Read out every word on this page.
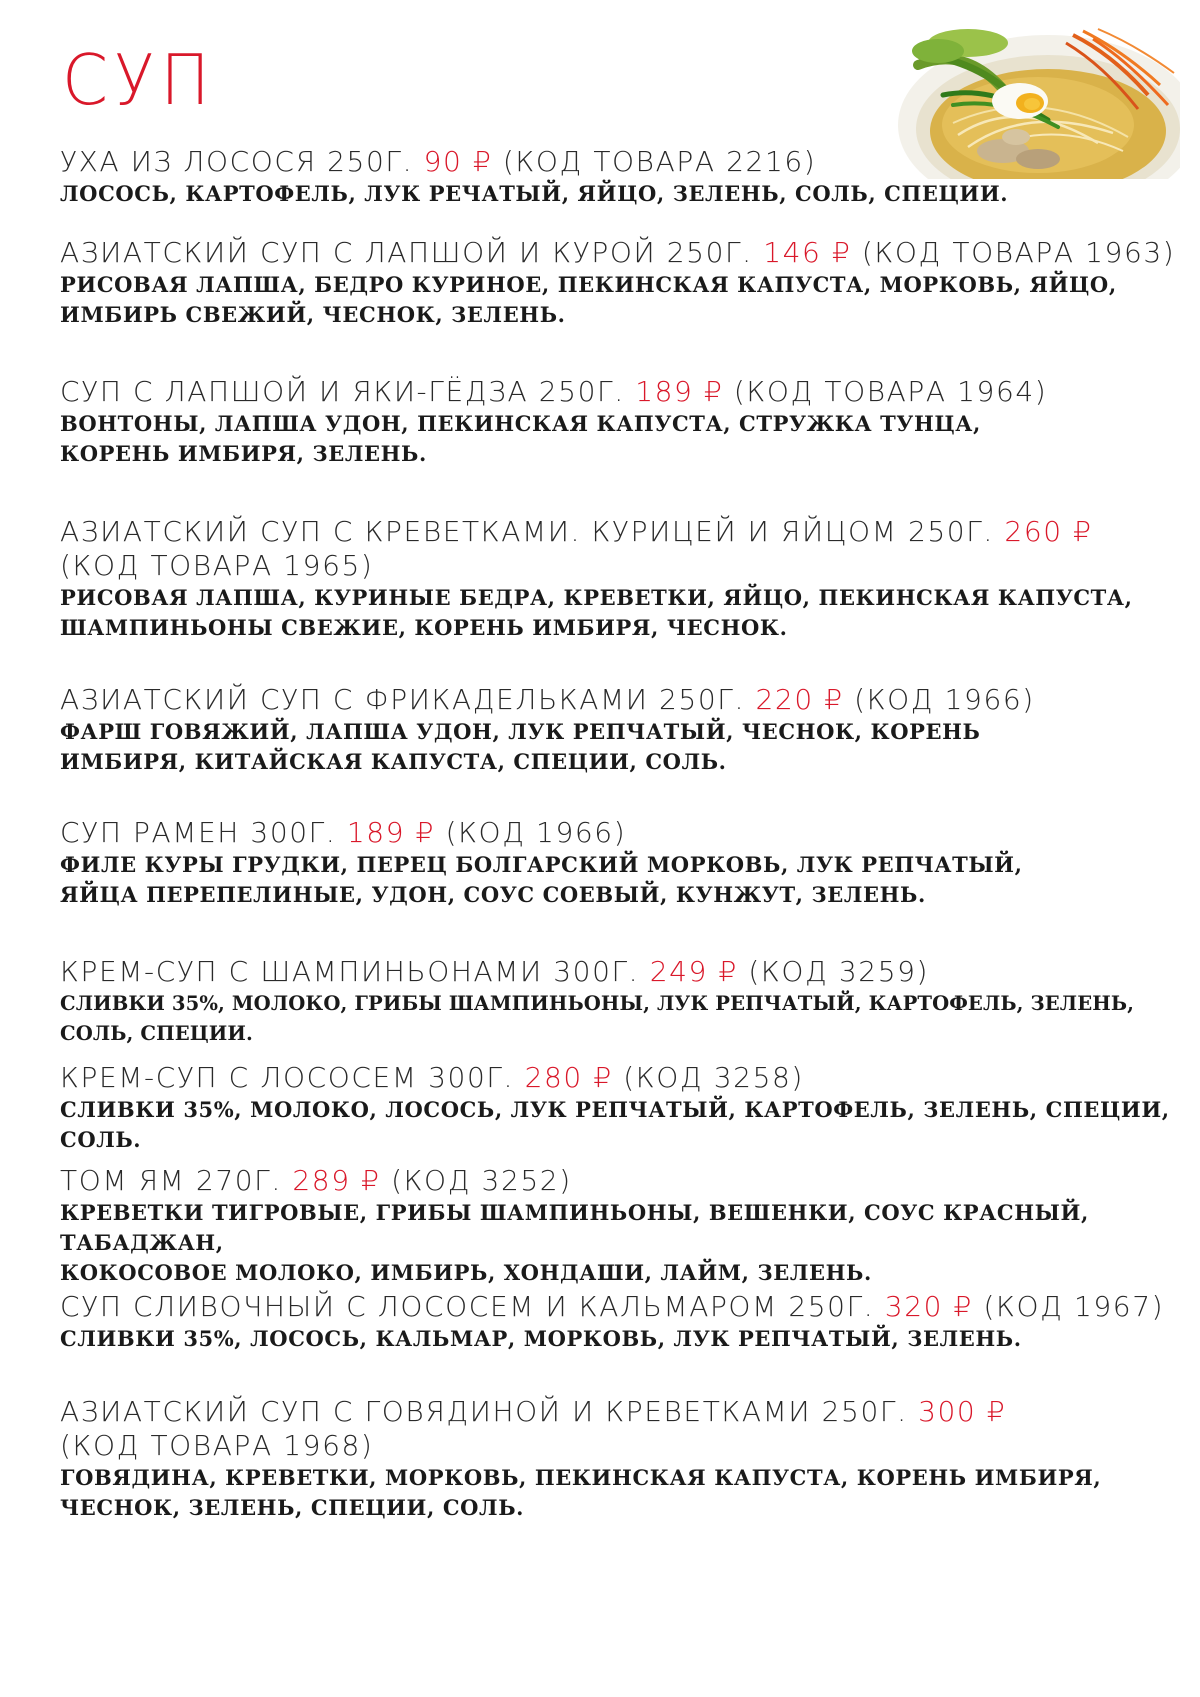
СУП
УХА ИЗ ЛОСОСЯ 250Г. 90 ₽ (КОД ТОВАРА 2216)
ЛОСОСЬ, КАРТОФЕЛЬ, ЛУК РЕЧАТЫЙ, ЯЙЦО, ЗЕЛЕНЬ, СОЛЬ, СПЕЦИИ.
АЗИАТСКИЙ СУП С ЛАПШОЙ И КУРОЙ 250Г. 146 ₽ (КОД ТОВАРА 1963)
РИСОВАЯ ЛАПША, БЕДРО КУРИНОЕ, ПЕКИНСКАЯ КАПУСТА, МОРКОВЬ, ЯЙЦО,
ИМБИРЬ СВЕЖИЙ, ЧЕСНОК, ЗЕЛЕНЬ.
СУП С ЛАПШОЙ И ЯКИ-ГЁДЗА 250Г. 189 ₽ (КОД ТОВАРА 1964)
ВОНТОНЫ, ЛАПША УДОН, ПЕКИНСКАЯ КАПУСТА, СТРУЖКА ТУНЦА,
КОРЕНЬ ИМБИРЯ, ЗЕЛЕНЬ.
АЗИАТСКИЙ СУП С КРЕВЕТКАМИ. КУРИЦЕЙ И ЯЙЦОМ 250Г. 260 ₽
(КОД ТОВАРА 1965)
РИСОВАЯ ЛАПША, КУРИНЫЕ БЕДРА, КРЕВЕТКИ, ЯЙЦО, ПЕКИНСКАЯ КАПУСТА,
ШАМПИНЬОНЫ СВЕЖИЕ, КОРЕНЬ ИМБИРЯ, ЧЕСНОК.
АЗИАТСКИЙ СУП С ФРИКАДЕЛЬКАМИ 250Г. 220 ₽ (КОД 1966)
ФАРШ ГОВЯЖИЙ, ЛАПША УДОН, ЛУК РЕПЧАТЫЙ, ЧЕСНОК, КОРЕНЬ
ИМБИРЯ, КИТАЙСКАЯ КАПУСТА, СПЕЦИИ, СОЛЬ.
СУП РАМЕН 300Г. 189 ₽ (КОД 1966)
ФИЛЕ КУРЫ ГРУДКИ, ПЕРЕЦ БОЛГАРСКИЙ МОРКОВЬ, ЛУК РЕПЧАТЫЙ,
ЯЙЦА ПЕРЕПЕЛИНЫЕ, УДОН, СОУС СОЕВЫЙ, КУНЖУТ, ЗЕЛЕНЬ.
КРЕМ-СУП С ШАМПИНЬОНАМИ 300Г. 249 ₽ (КОД 3259)
СЛИВКИ 35%, МОЛОКО, ГРИБЫ ШАМПИНЬОНЫ, ЛУК РЕПЧАТЫЙ, КАРТОФЕЛЬ, ЗЕЛЕНЬ, СОЛЬ, СПЕЦИИ.
КРЕМ-СУП С ЛОСОСЕМ 300Г. 280 ₽ (КОД 3258)
СЛИВКИ 35%, МОЛОКО, ЛОСОСЬ, ЛУК РЕПЧАТЫЙ, КАРТОФЕЛЬ, ЗЕЛЕНЬ, СПЕЦИИ, СОЛЬ.
ТОМ ЯМ 270Г. 289 ₽ (КОД 3252)
КРЕВЕТКИ ТИГРОВЫЕ, ГРИБЫ ШАМПИНЬОНЫ, ВЕШЕНКИ, СОУС КРАСНЫЙ, ТАБАДЖАН,
КОКОСОВОЕ МОЛОКО, ИМБИРЬ, ХОНДАШИ, ЛАЙМ, ЗЕЛЕНЬ.
СУП СЛИВОЧНЫЙ С ЛОСОСЕМ И КАЛЬМАРОМ 250Г. 320 ₽ (КОД 1967)
СЛИВКИ 35%, ЛОСОСЬ, КАЛЬМАР, МОРКОВЬ, ЛУК РЕПЧАТЫЙ, ЗЕЛЕНЬ.
АЗИАТСКИЙ СУП С ГОВЯДИНОЙ И КРЕВЕТКАМИ 250Г. 300 ₽
(КОД ТОВАРА 1968)
ГОВЯДИНА, КРЕВЕТКИ, МОРКОВЬ, ПЕКИНСКАЯ КАПУСТА, КОРЕНЬ ИМБИРЯ,
ЧЕСНОК, ЗЕЛЕНЬ, СПЕЦИИ, СОЛЬ.
